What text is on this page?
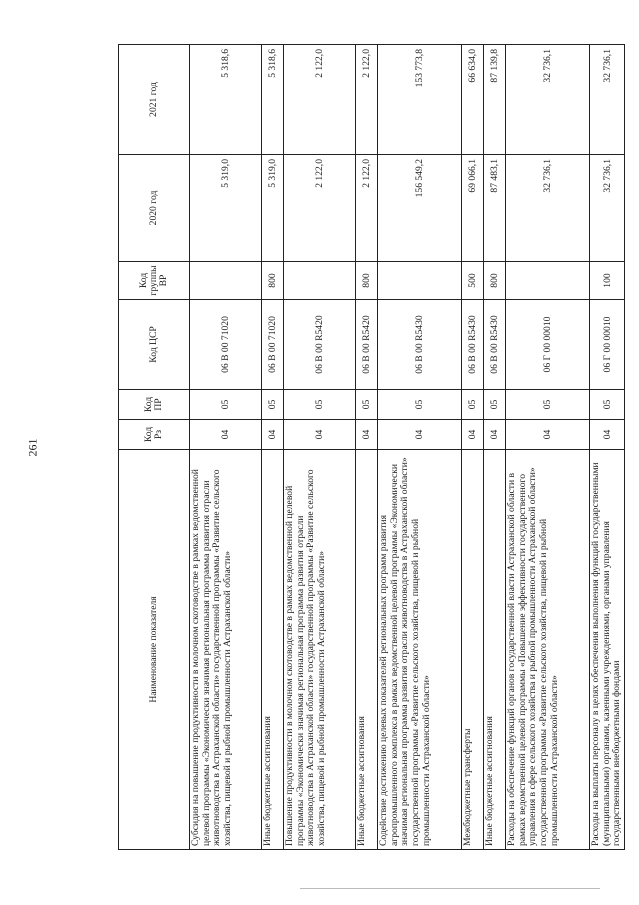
261
Наименование показателя	Код Рз	Код ПР	Код ЦСР	Код группы ВР	2020 год	2021 год
Субсидия на повышение продуктивности в молочном скотоводстве в рамках ведомственной целевой программы «Экономически значимая региональная программа развития отрасли животноводства в Астраханской области» государственной программы «Развитие сельского хозяйства, пищевой и рыбной промышленности Астраханской области»	04	05	06 В 00 71020		5 319,0	5 318,6
Иные бюджетные ассигнования	04	05	06 В 00 71020	800	5 319,0	5 318,6
Повышение продуктивности в молочном скотоводстве в рамках ведомственной целевой программы «Экономически значимая региональная программа развития отрасли животноводства в Астраханской области» государственной программы «Развитие сельского хозяйства, пищевой и рыбной промышленности Астраханской области»	04	05	06 В 00 R5420		2 122,0	2 122,0
Иные бюджетные ассигнования	04	05	06 В 00 R5420	800	2 122,0	2 122,0
Содействие достижению целевых показателей региональных программ развития агропромышленного комплекса в рамках ведомственной целевой программы «Экономически значимая региональная программа развития отрасли животноводства в Астраханской области» государственной программы «Развитие сельского хозяйства, пищевой и рыбной промышленности Астраханской области»	04	05	06 В 00 R5430		156 549,2	153 773,8
Межбюджетные трансферты	04	05	06 В 00 R5430	500	69 066,1	66 634,0
Иные бюджетные ассигнования	04	05	06 В 00 R5430	800	87 483,1	87 139,8
Расходы на обеспечение функций органов государственной власти Астраханской области в рамках ведомственной целевой программы «Повышение эффективности государственного управления в сфере сельского хозяйства и рыбной промышленности Астраханской области» государственной программы «Развитие сельского хозяйства, пищевой и рыбной промышленности Астраханской области»	04	05	06 Г 00 00010		32 736,1	32 736,1
Расходы на выплаты персоналу в целях обеспечения выполнения функций государственными (муниципальными) органами, казенными учреждениями, органами управления государственными внебюджетными фондами	04	05	06 Г 00 00010	100	32 736,1	32 736,1
